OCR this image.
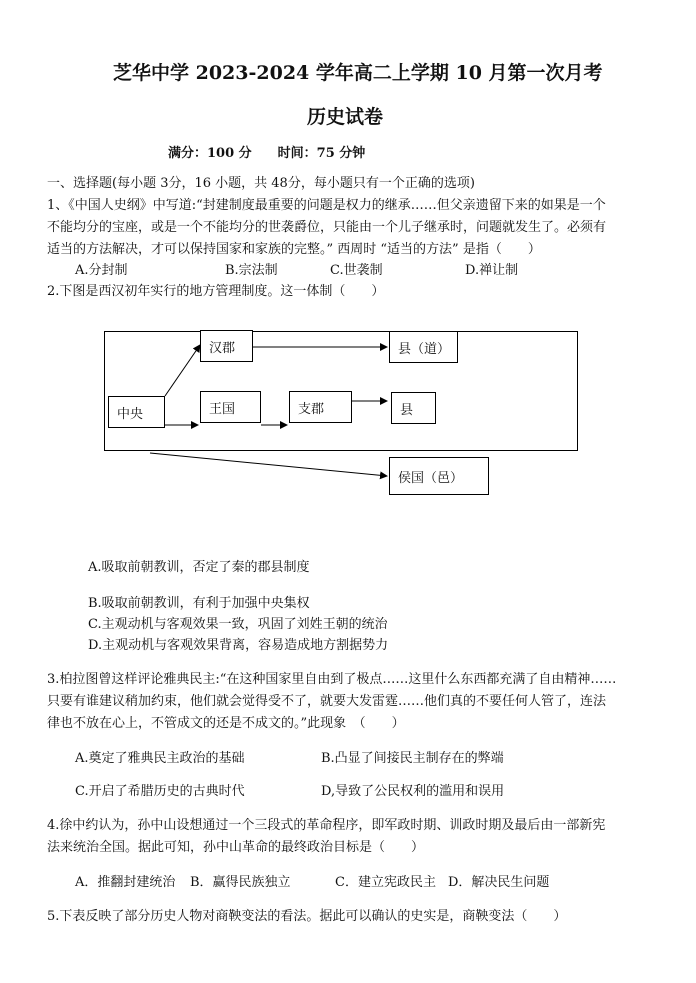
芝华中学 2023-2024 学年高二上学期 10 月第一次月考
历史试卷
满分：100 分　　时间：75 分钟
一、选择题(每小题 3分，16 小题，共 48分，每小题只有一个正确的选项)
1、《中国人史纲》中写道:“封建制度最重要的问题是权力的继承……但父亲遗留下来的如果是一个
不能均分的宝座，或是一个不能均分的世袭爵位，只能由一个儿子继承时，问题就发生了。必须有
适当的方法解决，才可以保持国家和家族的完整。” 西周时 “适当的方法” 是指（　　）
A.分封制	B.宗法制	C.世袭制	D.禅让制
2.下图是西汉初年实行的地方管理制度。这一体制（　　）
中央
汉郡	县（道）
王国	支郡	县
侯国（邑）
A.吸取前朝教训，否定了秦的郡县制度
B.吸取前朝教训，有利于加强中央集权
C.主观动机与客观效果一致，巩固了刘姓王朝的统治
D.主观动机与客观效果背离，容易造成地方割据势力
3.柏拉图曾这样评论雅典民主:“在这种国家里自由到了极点……这里什么东西都充满了自由精神……
只要有谁建议稍加约束，他们就会觉得受不了，就要大发雷霆……他们真的不要任何人管了，连法
律也不放在心上，不管成文的还是不成文的。”此现象　（　　）
A.奠定了雅典民主政治的基础	B.凸显了间接民主制存在的弊端
C.开启了希腊历史的古典时代	D,导致了公民权利的滥用和误用
4.徐中约认为，孙中山设想通过一个三段式的革命程序，即军政时期、训政时期及最后由一部新宪
法来统治全国。据此可知，孙中山革命的最终政治目标是（　　）
A．推翻封建统治 B．赢得民族独立	C．建立宪政民主 D．解决民生问题
5.下表反映了部分历史人物对商鞅变法的看法。据此可以确认的史实是，商鞅变法（　　）
